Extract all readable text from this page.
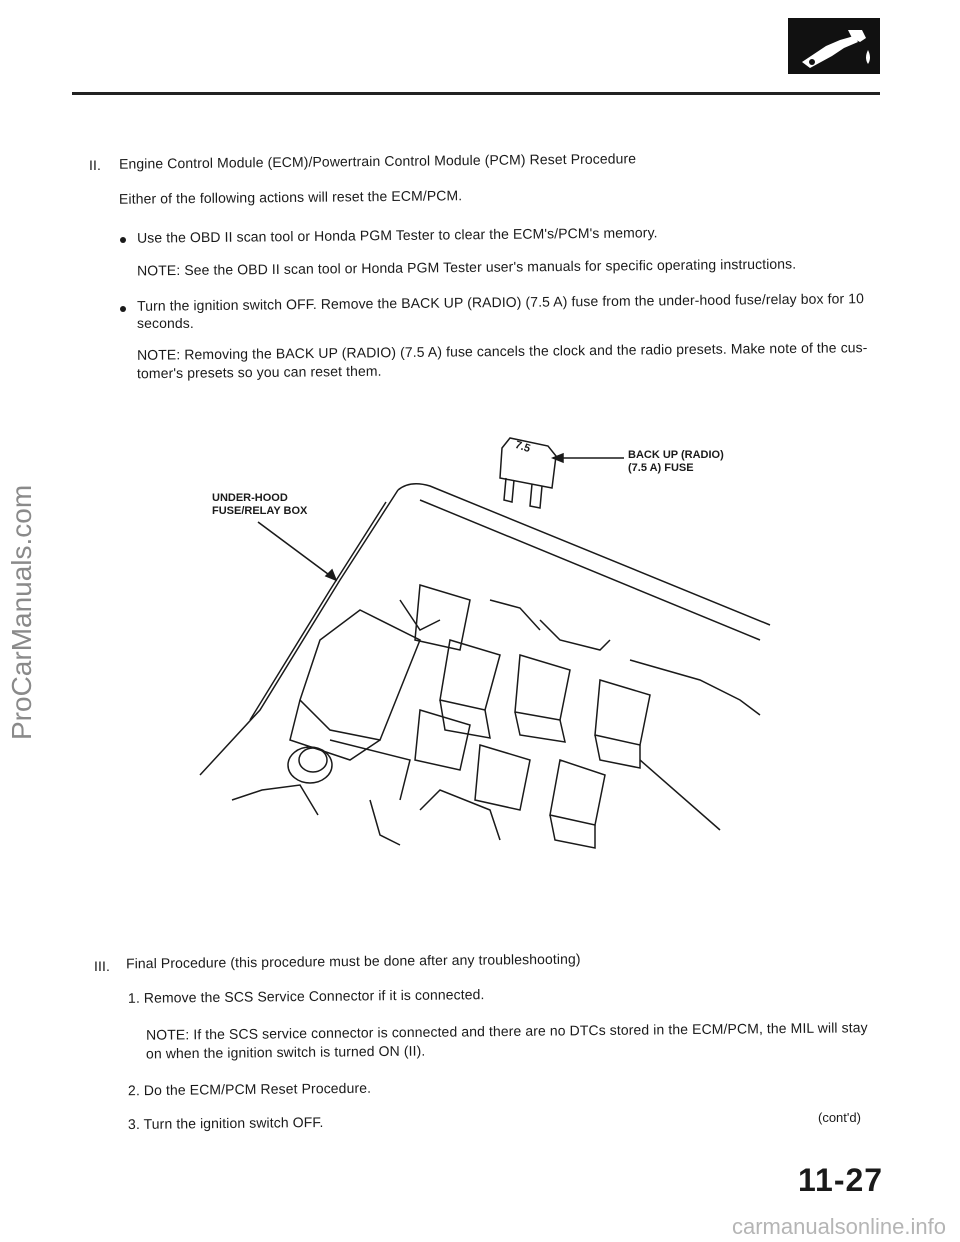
ProCarManuals.com
II. Engine Control Module (ECM)/Powertrain Control Module (PCM) Reset Procedure
Either of the following actions will reset the ECM/PCM.
Use the OBD II scan tool or Honda PGM Tester to clear the ECM's/PCM's memory.
NOTE: See the OBD II scan tool or Honda PGM Tester user's manuals for specific operating instructions.
Turn the ignition switch OFF. Remove the BACK UP (RADIO) (7.5 A) fuse from the under-hood fuse/relay box for 10
seconds.
NOTE: Removing the BACK UP (RADIO) (7.5 A) fuse cancels the clock and the radio presets. Make note of the cus-
tomer's presets so you can reset them.
UNDER-HOOD
FUSE/RELAY BOX
BACK UP (RADIO)
(7.5 A) FUSE
7.5
III. Final Procedure (this procedure must be done after any troubleshooting)
1. Remove the SCS Service Connector if it is connected.
NOTE: If the SCS service connector is connected and there are no DTCs stored in the ECM/PCM, the MIL will stay
on when the ignition switch is turned ON (II).
2. Do the ECM/PCM Reset Procedure.
3. Turn the ignition switch OFF.	(cont'd)
11-27
carmanualsonline.info
